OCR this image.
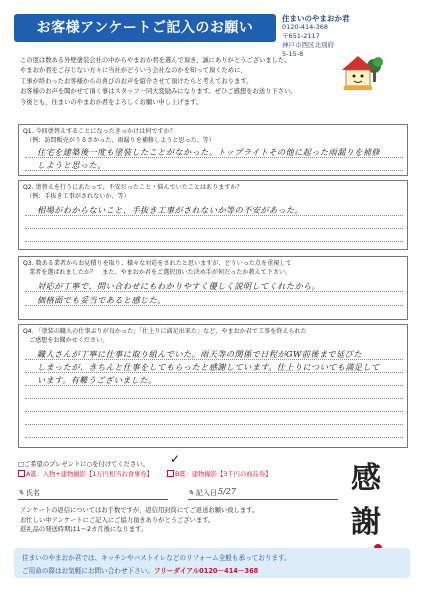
お客様アンケートご記入のお願い
住まいのやまおか君
0120-414-368
〒651-2117
神戸市西区北別府
5-15-8
この度は数ある外壁塗装会社の中からやまおか君を選んで頂き、誠にありがとうございました。
やまおか君をご存じない方々に当社がどういう会社なのかを知って頂くために、
工事が終わったお客様からの喜びのお声を紹介させて頂けたらと考えております。
お客様のお声を聞かせて頂く事はスタッフ一同大変励みになります。ぜひご感想をお送り下さい。
今後とも、住まいのやまおか君をよろしくお願い申し上げます。
Q1. 今回塗替えすることになったきっかけは何ですか？
　（例：訪問販売がうるさかった、雨漏りを補修しようと思った、等）
住宅を建築後一度も塗装したことがなかった。トップライトその他に起った雨漏りを補修
しようと思った。
Q2. 塗替えを行うにあたって、不安だったこと・悩んでいたことはありますか？
　（例：手抜き工事がされないか、等）
相場がわからないこと、手抜き工事がされないか等の不安があった。
Q3. 数ある業者からお見積りを取り、様々な対応をされたと思いますが、どういった点を重視して
　業者を選ばれましたか？　また、やまおか君をご選択頂いた決め手が何だったか教えて下さい。
対応が丁寧で、問い合わせにもわかりやすく優しく説明してくれたから。
価格面でも妥当であると感じた。
Q4. 「塗装の職人の仕事ぶりが良かった」「仕上りに満足出来た」など、やまおか君で工事を終えられた
　ご感想をお聞かせください。
職人さんが丁寧に仕事に取り組んでいた。雨天等の関係で日程がGW前後まで延びた
しまったが、きちんと仕事をしてもらったと感謝しています。仕上りについても満足して
います。有難うございました。
□ご希望のプレゼントに○を付けてください。
A賞：人物+建物撮影【1万円相当お食事券】	B賞：建物撮影【3千円の商品券】
✓
✎ 氏名	✎ 記入日 5/27
アンケートの返信についてはお手数ですが、返信用封筒にてご返送お願い致します。
お忙しい中アンケートにご記入にご協力頂きありがとうございます。
返礼品の発送時期は1〜2カ月後になります。
感
謝
住まいのやまおか君では、キッチンやバストイレなどのリフォーム全般も承っております。
ご用命の際はお気軽にお問い合わせ下さい。フリーダイアル0120－414－368
